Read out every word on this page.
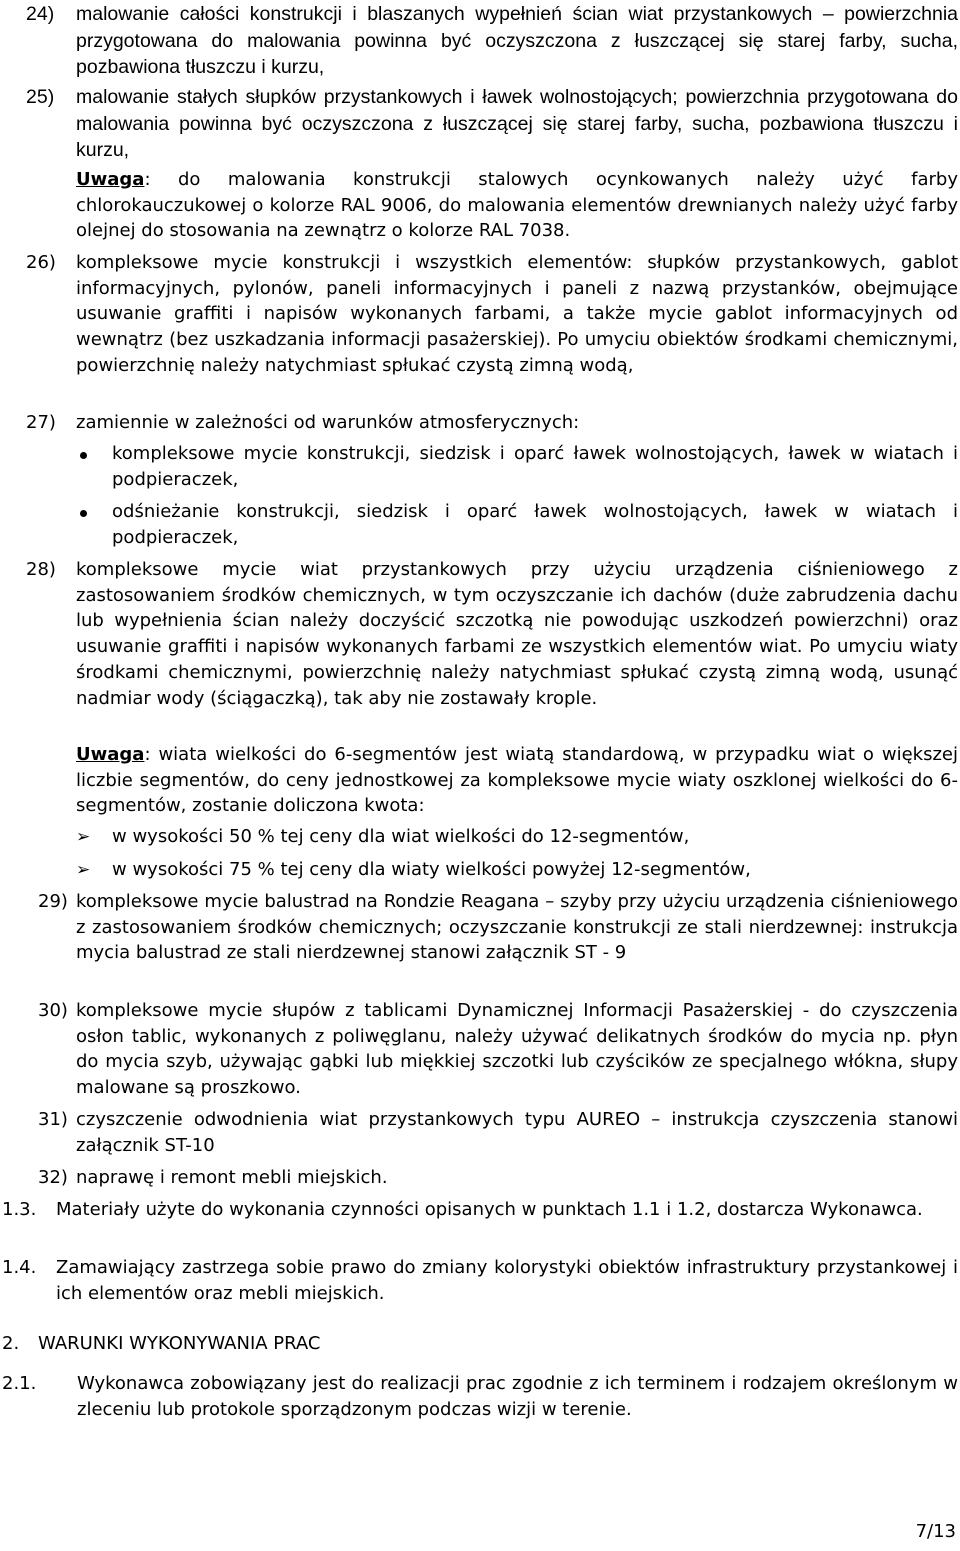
24) malowanie całości konstrukcji i blaszanych wypełnień ścian wiat przystankowych – powierzchnia przygotowana do malowania powinna być oczyszczona z łuszczącej się starej farby, sucha, pozbawiona tłuszczu i kurzu,
25) malowanie stałych słupków przystankowych i ławek wolnostojących; powierzchnia przygotowana do malowania powinna być oczyszczona z łuszczącej się starej farby, sucha, pozbawiona tłuszczu i kurzu,
Uwaga: do malowania konstrukcji stalowych ocynkowanych należy użyć farby chlorokauczukowej o kolorze RAL 9006, do malowania elementów drewnianych należy użyć farby olejnej do stosowania na zewnątrz o kolorze RAL 7038.
26) kompleksowe mycie konstrukcji i wszystkich elementów: słupków przystankowych, gablot informacyjnych, pylonów, paneli informacyjnych i paneli z nazwą przystanków, obejmujące usuwanie graffiti i napisów wykonanych farbami, a także mycie gablot informacyjnych od wewnątrz (bez uszkadzania informacji pasażerskiej). Po umyciu obiektów środkami chemicznymi, powierzchnię należy natychmiast spłukać czystą zimną wodą,
27) zamiennie w zależności od warunków atmosferycznych:
kompleksowe mycie konstrukcji, siedzisk i oparć ławek wolnostojących, ławek w wiatach i podpieraczek,
odśnieżanie konstrukcji, siedzisk i oparć ławek wolnostojących, ławek w wiatach i podpieraczek,
28) kompleksowe mycie wiat przystankowych przy użyciu urządzenia ciśnieniowego z zastosowaniem środków chemicznych, w tym oczyszczanie ich dachów (duże zabrudzenia dachu lub wypełnienia ścian należy doczyścić szczotką nie powodując uszkodzeń powierzchni) oraz usuwanie graffiti i napisów wykonanych farbami ze wszystkich elementów wiat. Po umyciu wiaty środkami chemicznymi, powierzchnię należy natychmiast spłukać czystą zimną wodą, usunąć nadmiar wody (ściągaczką), tak aby nie zostawały krople.
Uwaga: wiata wielkości do 6-segmentów jest wiatą standardową, w przypadku wiat o większej liczbie segmentów, do ceny jednostkowej za kompleksowe mycie wiaty oszklonej wielkości do 6-segmentów, zostanie doliczona kwota:
➢	w wysokości 50 % tej ceny dla wiat wielkości do 12-segmentów,
➢	w wysokości 75 % tej ceny dla wiaty wielkości powyżej 12-segmentów,
29) kompleksowe mycie balustrad na Rondzie Reagana – szyby przy użyciu urządzenia ciśnieniowego z zastosowaniem środków chemicznych; oczyszczanie konstrukcji ze stali nierdzewnej: instrukcja mycia balustrad ze stali nierdzewnej stanowi załącznik ST - 9
30) kompleksowe mycie słupów z tablicami Dynamicznej Informacji Pasażerskiej - do czyszczenia osłon tablic, wykonanych z poliwęglanu, należy używać delikatnych środków do mycia np. płyn do mycia szyb, używając gąbki lub miękkiej szczotki lub czyścików ze specjalnego włókna, słupy malowane są proszkowo.
31) czyszczenie odwodnienia wiat przystankowych typu AUREO – instrukcja czyszczenia stanowi załącznik ST-10
32) naprawę i remont mebli miejskich.
1.3. Materiały użyte do wykonania czynności opisanych w punktach 1.1 i 1.2, dostarcza Wykonawca.
1.4. Zamawiający zastrzega sobie prawo do zmiany kolorystyki obiektów infrastruktury przystankowej i ich elementów oraz mebli miejskich.
2. WARUNKI WYKONYWANIA PRAC
2.1. Wykonawca zobowiązany jest do realizacji prac zgodnie z ich terminem i rodzajem określonym w zleceniu lub protokole sporządzonym podczas wizji w terenie.
7/13
